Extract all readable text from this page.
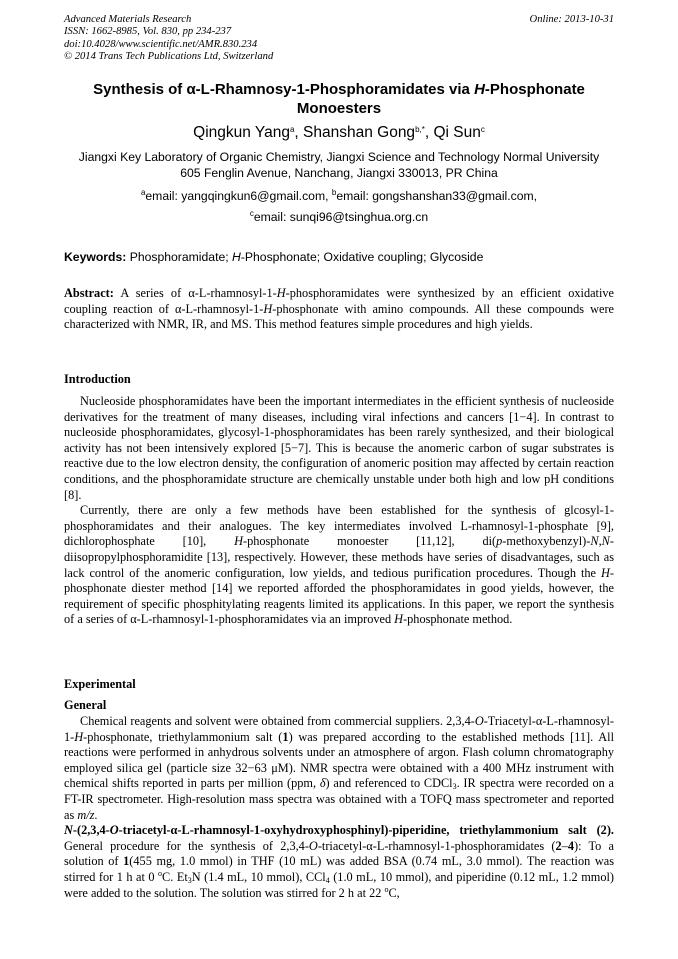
Advanced Materials Research
ISSN: 1662-8985, Vol. 830, pp 234-237
doi:10.4028/www.scientific.net/AMR.830.234
© 2014 Trans Tech Publications Ltd, Switzerland
Online: 2013-10-31
Synthesis of α-L-Rhamnosy-1-Phosphoramidates via H-Phosphonate Monoesters
Qingkun Yang$^a$, Shanshan Gong$^{b,*}$, Qi Sun$^c$
Jiangxi Key Laboratory of Organic Chemistry, Jiangxi Science and Technology Normal University
605 Fenglin Avenue, Nanchang, Jiangxi 330013, PR China
$^a$email: yangqingkun6@gmail.com, $^b$email: gongshanshan33@gmail.com,
$^c$email: sunqi96@tsinghua.org.cn
Keywords: Phosphoramidate; H-Phosphonate; Oxidative coupling; Glycoside
Abstract: A series of α-L-rhamnosyl-1-H-phosphoramidates were synthesized by an efficient oxidative coupling reaction of α-L-rhamnosyl-1-H-phosphonate with amino compounds. All these compounds were characterized with NMR, IR, and MS. This method features simple procedures and high yields.
Introduction

Nucleoside phosphoramidates have been the important intermediates in the efficient synthesis of nucleoside derivatives for the treatment of many diseases, including viral infections and cancers [1−4]. In contrast to nucleoside phosphoramidates, glycosyl-1-phosphoramidates has been rarely synthesized, and their biological activity has not been intensively explored [5−7]. This is because the anomeric carbon of sugar substrates is reactive due to the low electron density, the configuration of anomeric position may affected by certain reaction conditions, and the phosphoramidate structure are chemically unstable under both high and low pH conditions [8].

Currently, there are only a few methods have been established for the synthesis of glcosyl-1-phosphoramidates and their analogues. The key intermediates involved L-rhamnosyl-1-phosphate [9], dichlorophosphate [10], H-phosphonate monoester [11,12], di(p-methoxybenzyl)-N,N-diisopropylphosphoramidite [13], respectively. However, these methods have series of disadvantages, such as lack control of the anomeric configuration, low yields, and tedious purification procedures. Though the H-phosphonate diester method [14] we reported afforded the phosphoramidates in good yields, however, the requirement of specific phosphitylating reagents limited its applications. In this paper, we report the synthesis of a series of α-L-rhamnosyl-1-phosphoramidates via an improved H-phosphonate method.

Experimental
General

Chemical reagents and solvent were obtained from commercial suppliers. 2,3,4-O-Triacetyl-α-L-rhamnosyl-1-H-phosphonate, triethylammonium salt (1) was prepared according to the established methods [11]. All reactions were performed in anhydrous solvents under an atmosphere of argon. Flash column chromatography employed silica gel (particle size 32−63 μM). NMR spectra were obtained with a 400 MHz instrument with chemical shifts reported in parts per million (ppm, δ) and referenced to CDCl$_3$. IR spectra were recorded on a FT-IR spectrometer. High-resolution mass spectra was obtained with a TOFQ mass spectrometer and reported as m/z.

N-(2,3,4-O-triacetyl-α-L-rhamnosyl-1-oxyhydroxyphosphinyl)-piperidine, triethylammonium salt (2). General procedure for the synthesis of 2,3,4-O-triacetyl-α-L-rhamnosyl-1-phosphoramidates (2–4): To a solution of 1(455 mg, 1.0 mmol) in THF (10 mL) was added BSA (0.74 mL, 3.0 mmol). The reaction was stirred for 1 h at 0 $^o$C. $Et_3N$ (1.4 mL, 10 mmol), CCl$_4$ (1.0 mL, 10 mmol), and piperidine (0.12 mL, 1.2 mmol) were added to the solution. The solution was stirred for 2 h at 22 $^o$C,
